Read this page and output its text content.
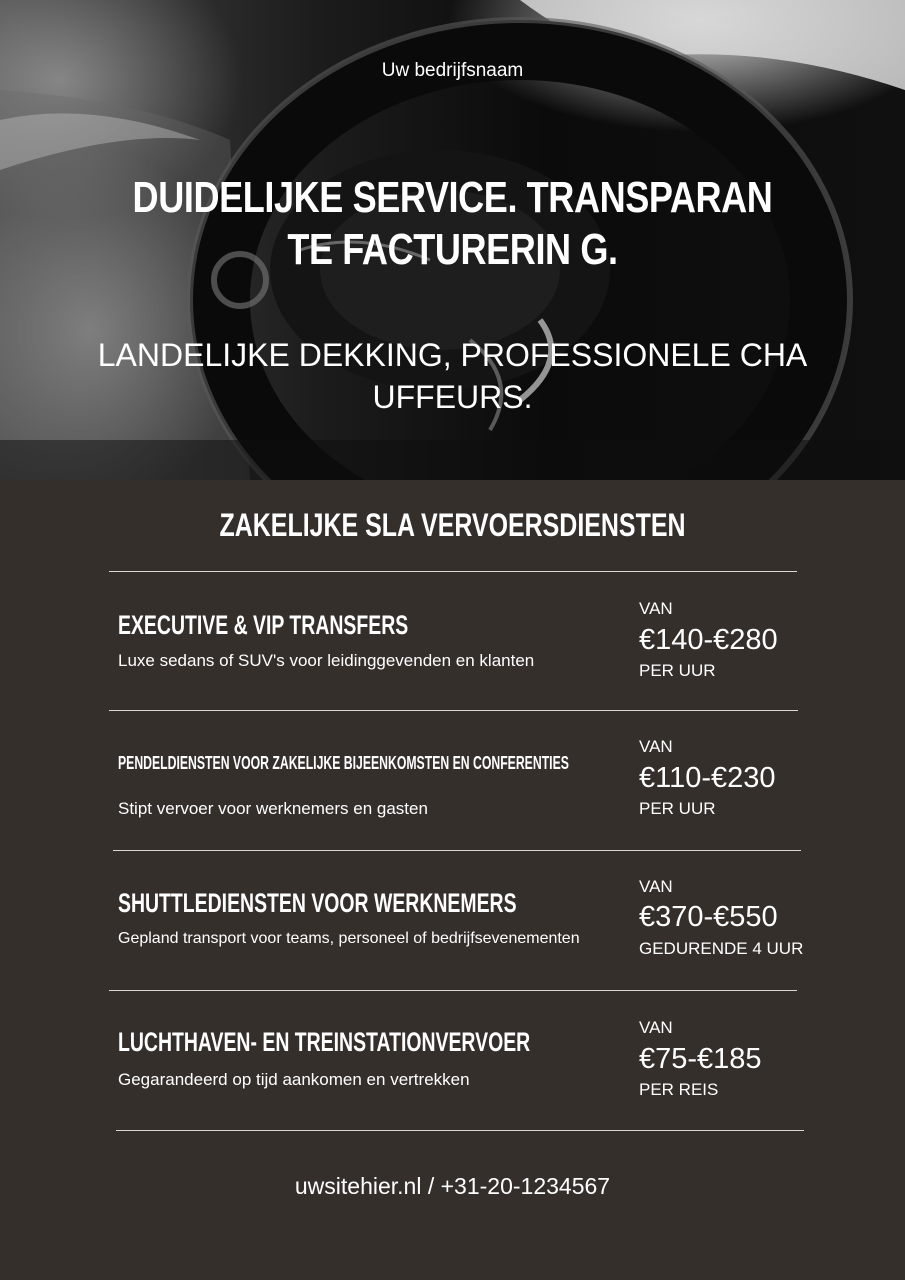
Uw bedrijfsnaam
DUIDELIJKE SERVICE. TRANSPARANTE FACTURERIN G.
LANDELIJKE DEKKING, PROFESSIONELE CHA UFFEURS.
ZAKELIJKE SLA VERVOERSDIENSTEN
EXECUTIVE & VIP TRANSFERS
Luxe sedans of SUV's voor leidinggevenden en klanten
VAN
€140-€280
PER UUR
PENDELDIENSTEN VOOR ZAKELIJKE BIJEENKOMSTEN EN CONFERENTIES
Stipt vervoer voor werknemers en gasten
VAN
€110-€230
PER UUR
SHUTTLEDIENSTEN VOOR WERKNEMERS
Gepland transport voor teams, personeel of bedrijfsevenementen
VAN
€370-€550
GEDURENDE 4 UUR
LUCHTHAVEN- EN TREINSTATIONVERVOER
Gegarandeerd op tijd aankomen en vertrekken
VAN
€75-€185
PER REIS
uwsitehier.nl / +31-20-1234567
